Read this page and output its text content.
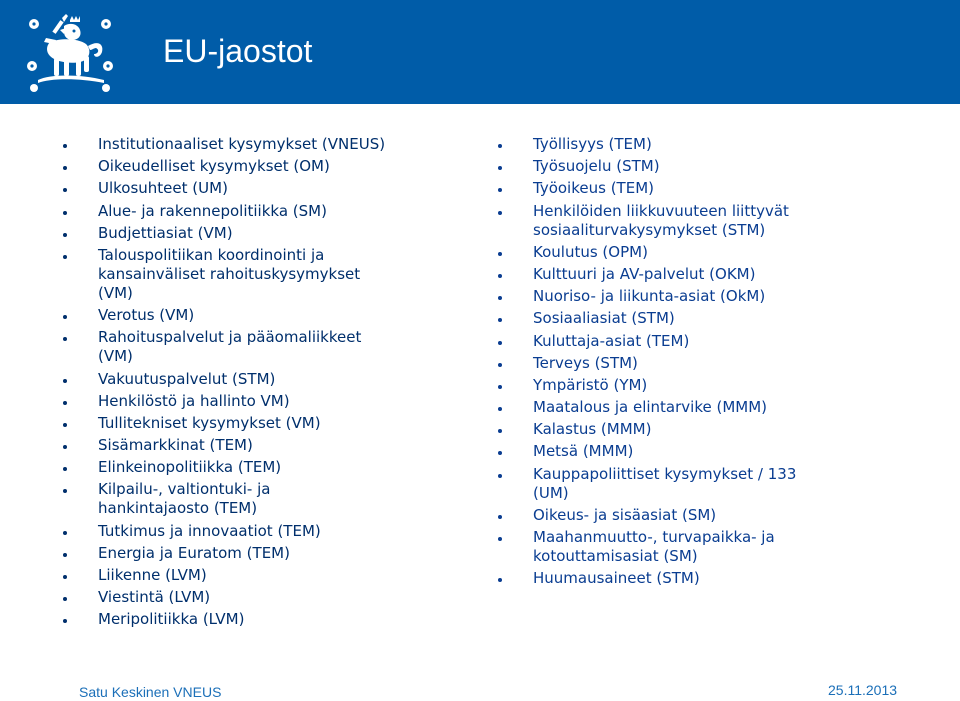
EU-jaostot
Institutionaaliset kysymykset (VNEUS)
Oikeudelliset kysymykset (OM)
Ulkosuhteet (UM)
Alue- ja rakennepolitiikka (SM)
Budjettiasiat (VM)
Talouspolitiikan koordinointi ja
kansainväliset rahoituskysymykset
(VM)
Verotus (VM)
Rahoituspalvelut ja pääomaliikkeet
(VM)
Vakuutuspalvelut (STM)
Henkilöstö ja hallinto VM)
Tullitekniset kysymykset (VM)
Sisämarkkinat (TEM)
Elinkeinopolitiikka (TEM)
Kilpailu-, valtiontuki- ja
hankintajaosto (TEM)
Tutkimus ja innovaatiot (TEM)
Energia ja Euratom (TEM)
Liikenne (LVM)
Viestintä (LVM)
Meripolitiikka (LVM)
Työllisyys (TEM)
Työsuojelu (STM)
Työoikeus (TEM)
Henkilöiden liikkuvuuteen liittyvät
sosiaaliturvakysymykset (STM)
Koulutus (OPM)
Kulttuuri ja AV-palvelut (OKM)
Nuoriso- ja liikunta-asiat (OkM)
Sosiaaliasiat (STM)
Kuluttaja-asiat (TEM)
Terveys (STM)
Ympäristö (YM)
Maatalous ja elintarvike (MMM)
Kalastus (MMM)
Metsä (MMM)
Kauppapoliittiset kysymykset / 133
(UM)
Oikeus- ja sisäasiat (SM)
Maahanmuutto-, turvapaikka- ja
kotouttamisasiat (SM)
Huumausaineet (STM)
Satu Keskinen VNEUS	25.11.2013
